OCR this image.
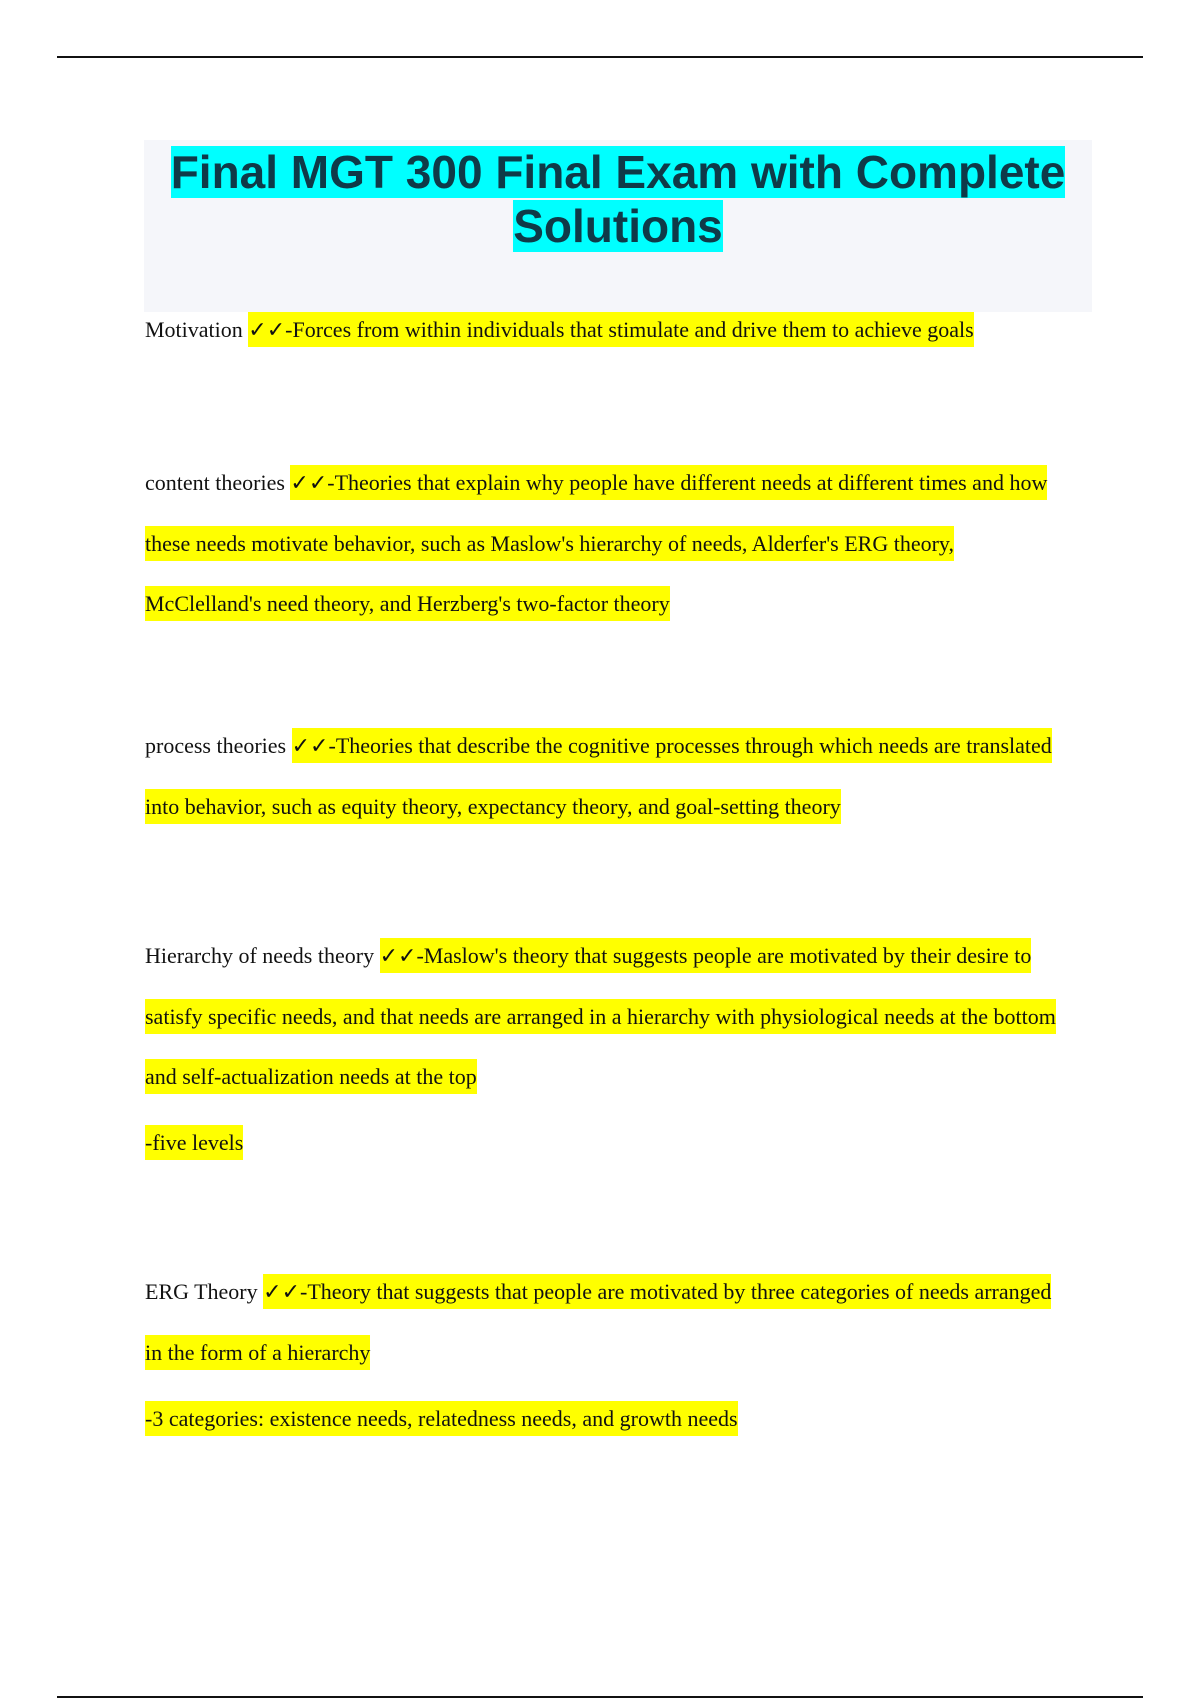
Final MGT 300 Final Exam with Complete
Solutions
Motivation ✓✓-Forces from within individuals that stimulate and drive them to achieve goals
content theories ✓✓-Theories that explain why people have different needs at different times and how these needs motivate behavior, such as Maslow's hierarchy of needs, Alderfer's ERG theory, McClelland's need theory, and Herzberg's two-factor theory
process theories ✓✓-Theories that describe the cognitive processes through which needs are translated into behavior, such as equity theory, expectancy theory, and goal-setting theory
Hierarchy of needs theory ✓✓-Maslow's theory that suggests people are motivated by their desire to satisfy specific needs, and that needs are arranged in a hierarchy with physiological needs at the bottom and self-actualization needs at the top
-five levels
ERG Theory ✓✓-Theory that suggests that people are motivated by three categories of needs arranged in the form of a hierarchy
-3 categories: existence needs, relatedness needs, and growth needs
